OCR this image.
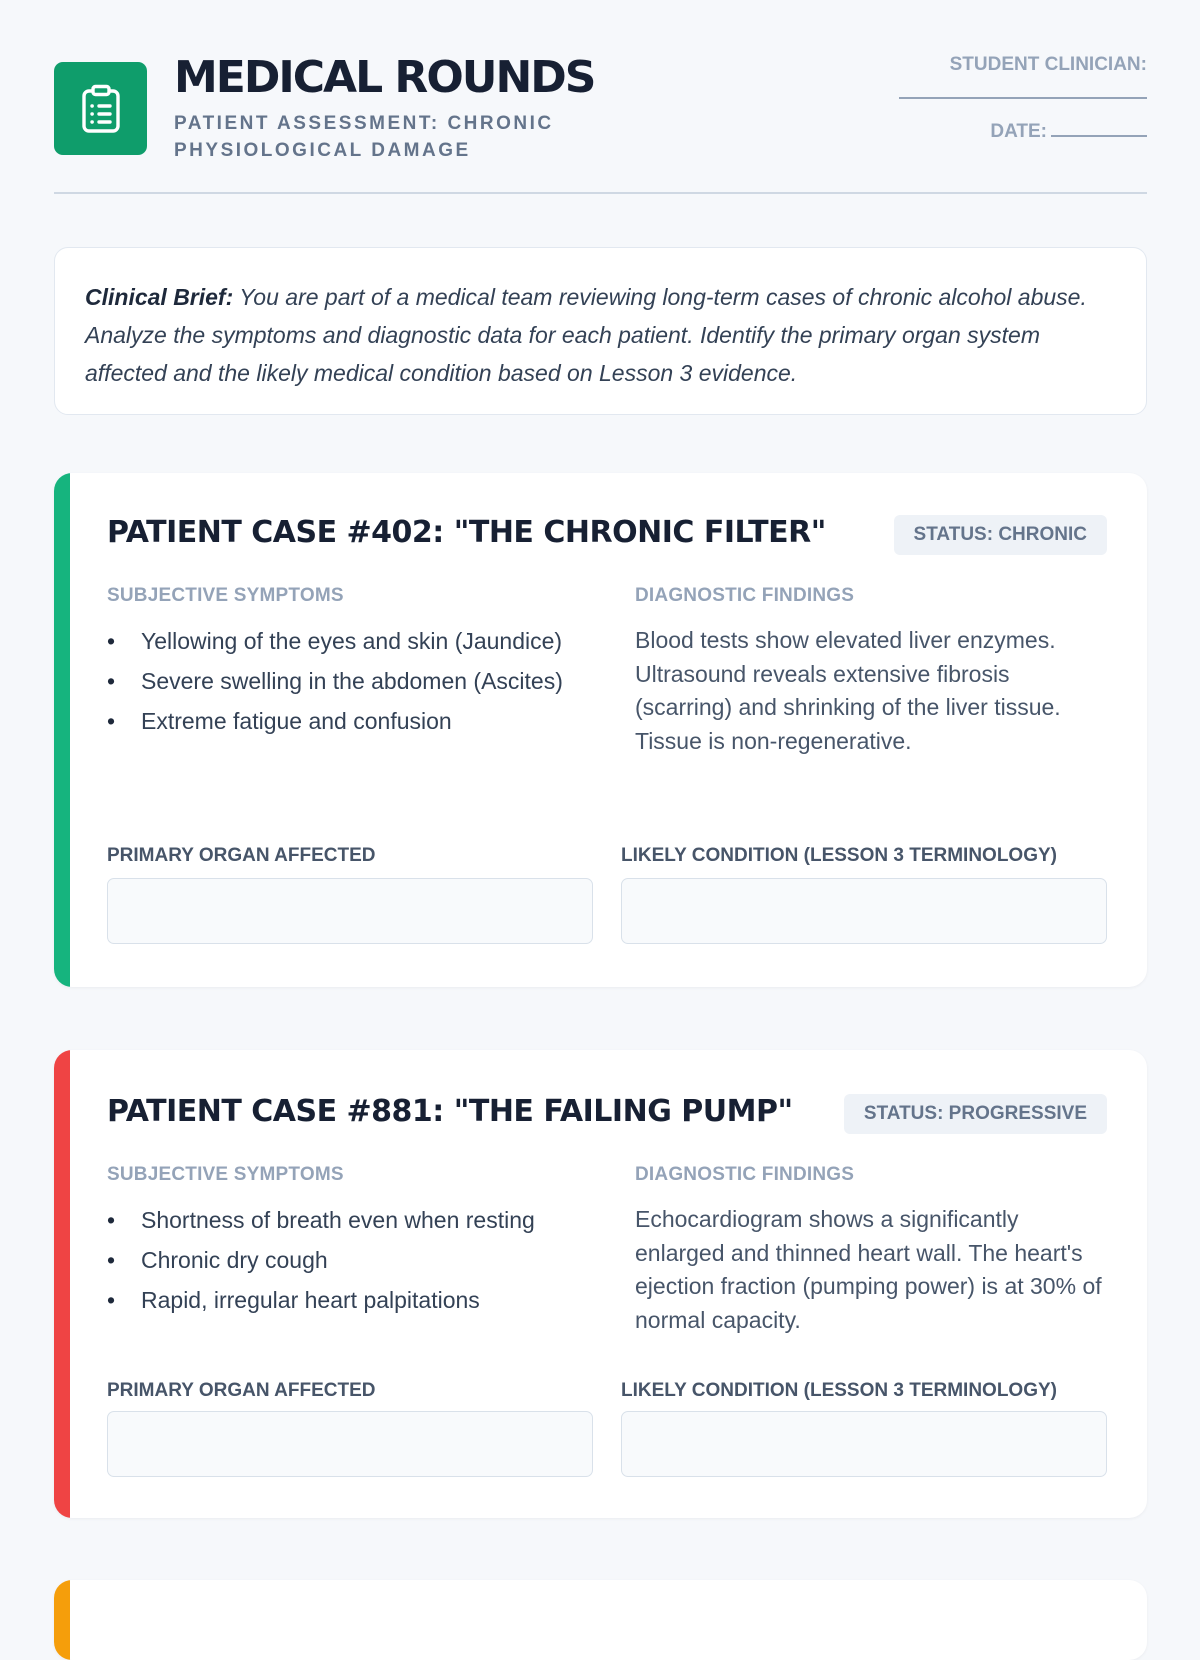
MEDICAL ROUNDS
PATIENT ASSESSMENT: CHRONIC PHYSIOLOGICAL DAMAGE
STUDENT CLINICIAN:
DATE:
Clinical Brief: You are part of a medical team reviewing long-term cases of chronic alcohol abuse. Analyze the symptoms and diagnostic data for each patient. Identify the primary organ system affected and the likely medical condition based on Lesson 3 evidence.
PATIENT CASE #402: "THE CHRONIC FILTER"	STATUS: CHRONIC
SUBJECTIVE SYMPTOMS
• Yellowing of the eyes and skin (Jaundice)
• Severe swelling in the abdomen (Ascites)
• Extreme fatigue and confusion
DIAGNOSTIC FINDINGS

Blood tests show elevated liver enzymes. Ultrasound reveals extensive fibrosis (scarring) and shrinking of the liver tissue. Tissue is non-regenerative.

PRIMARY ORGAN AFFECTED	LIKELY CONDITION (LESSON 3 TERMINOLOGY)
PATIENT CASE #881: "THE FAILING PUMP"	STATUS: PROGRESSIVE
SUBJECTIVE SYMPTOMS
• Shortness of breath even when resting
• Chronic dry cough
• Rapid, irregular heart palpitations
DIAGNOSTIC FINDINGS

Echocardiogram shows a significantly enlarged and thinned heart wall. The heart's ejection fraction (pumping power) is at 30% of normal capacity.

PRIMARY ORGAN AFFECTED	LIKELY CONDITION (LESSON 3 TERMINOLOGY)
